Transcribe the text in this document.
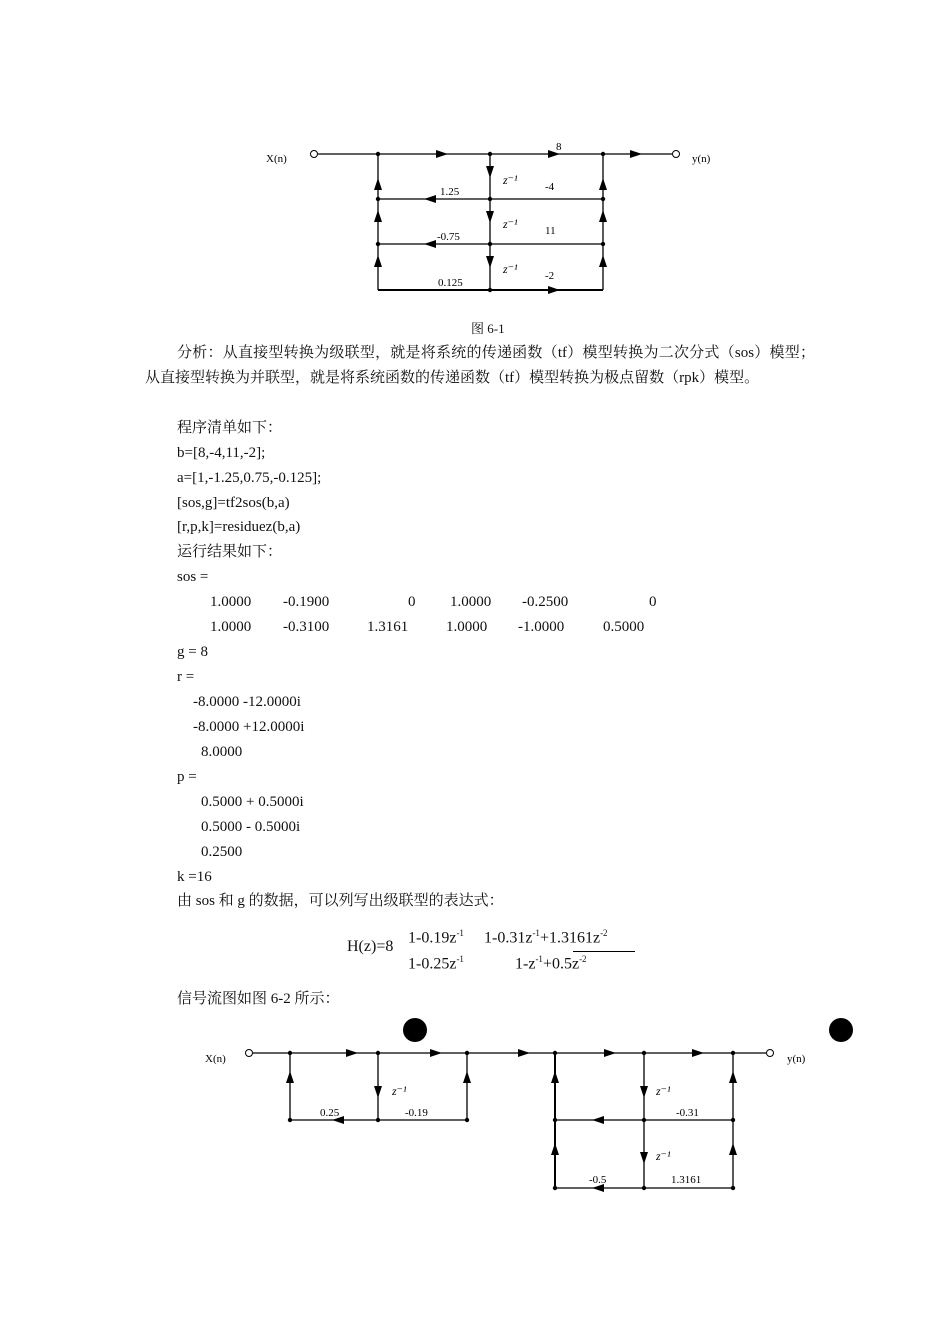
X(n)	y(n)
8
-4
11
-2
1.25
-0.75
0.125
z⁻¹
z⁻¹
z⁻¹
图 6-1
分析：从直接型转换为级联型，就是将系统的传递函数（tf）模型转换为二次分式（sos）模型；从直接型转换为并联型，就是将系统函数的传递函数（tf）模型转换为极点留数（rpk）模型。
程序清单如下：
b=[8,-4,11,-2];
a=[1,-1.25,0.75,-0.125];
[sos,g]=tf2sos(b,a)
[r,p,k]=residuez(b,a)
运行结果如下：
sos =
1.0000 -0.1900	0 1.0000 -0.2500	0
1.0000 -0.3100	1.3161	1.0000 -1.0000	0.5000
g = 8
r =
-8.0000 -12.0000i
-8.0000 +12.0000i
8.0000
p =
0.5000 + 0.5000i
0.5000 - 0.5000i
0.2500
k =16
由 sos 和 g 的数据，可以列写出级联型的表达式：
H(z)=8
$1-0.19z^{-1}$
$1-0.25z^{-1}$
$1-0.31z^{-1}+1.3161z^{-2}$
$1-z^{-1}+0.5z^{-2}$
信号流图如图 6-2 所示：
X(n)	y(n)
z⁻¹	z⁻¹
z⁻¹
0.25	-0.19	-0.31
-0.5	1.3161
